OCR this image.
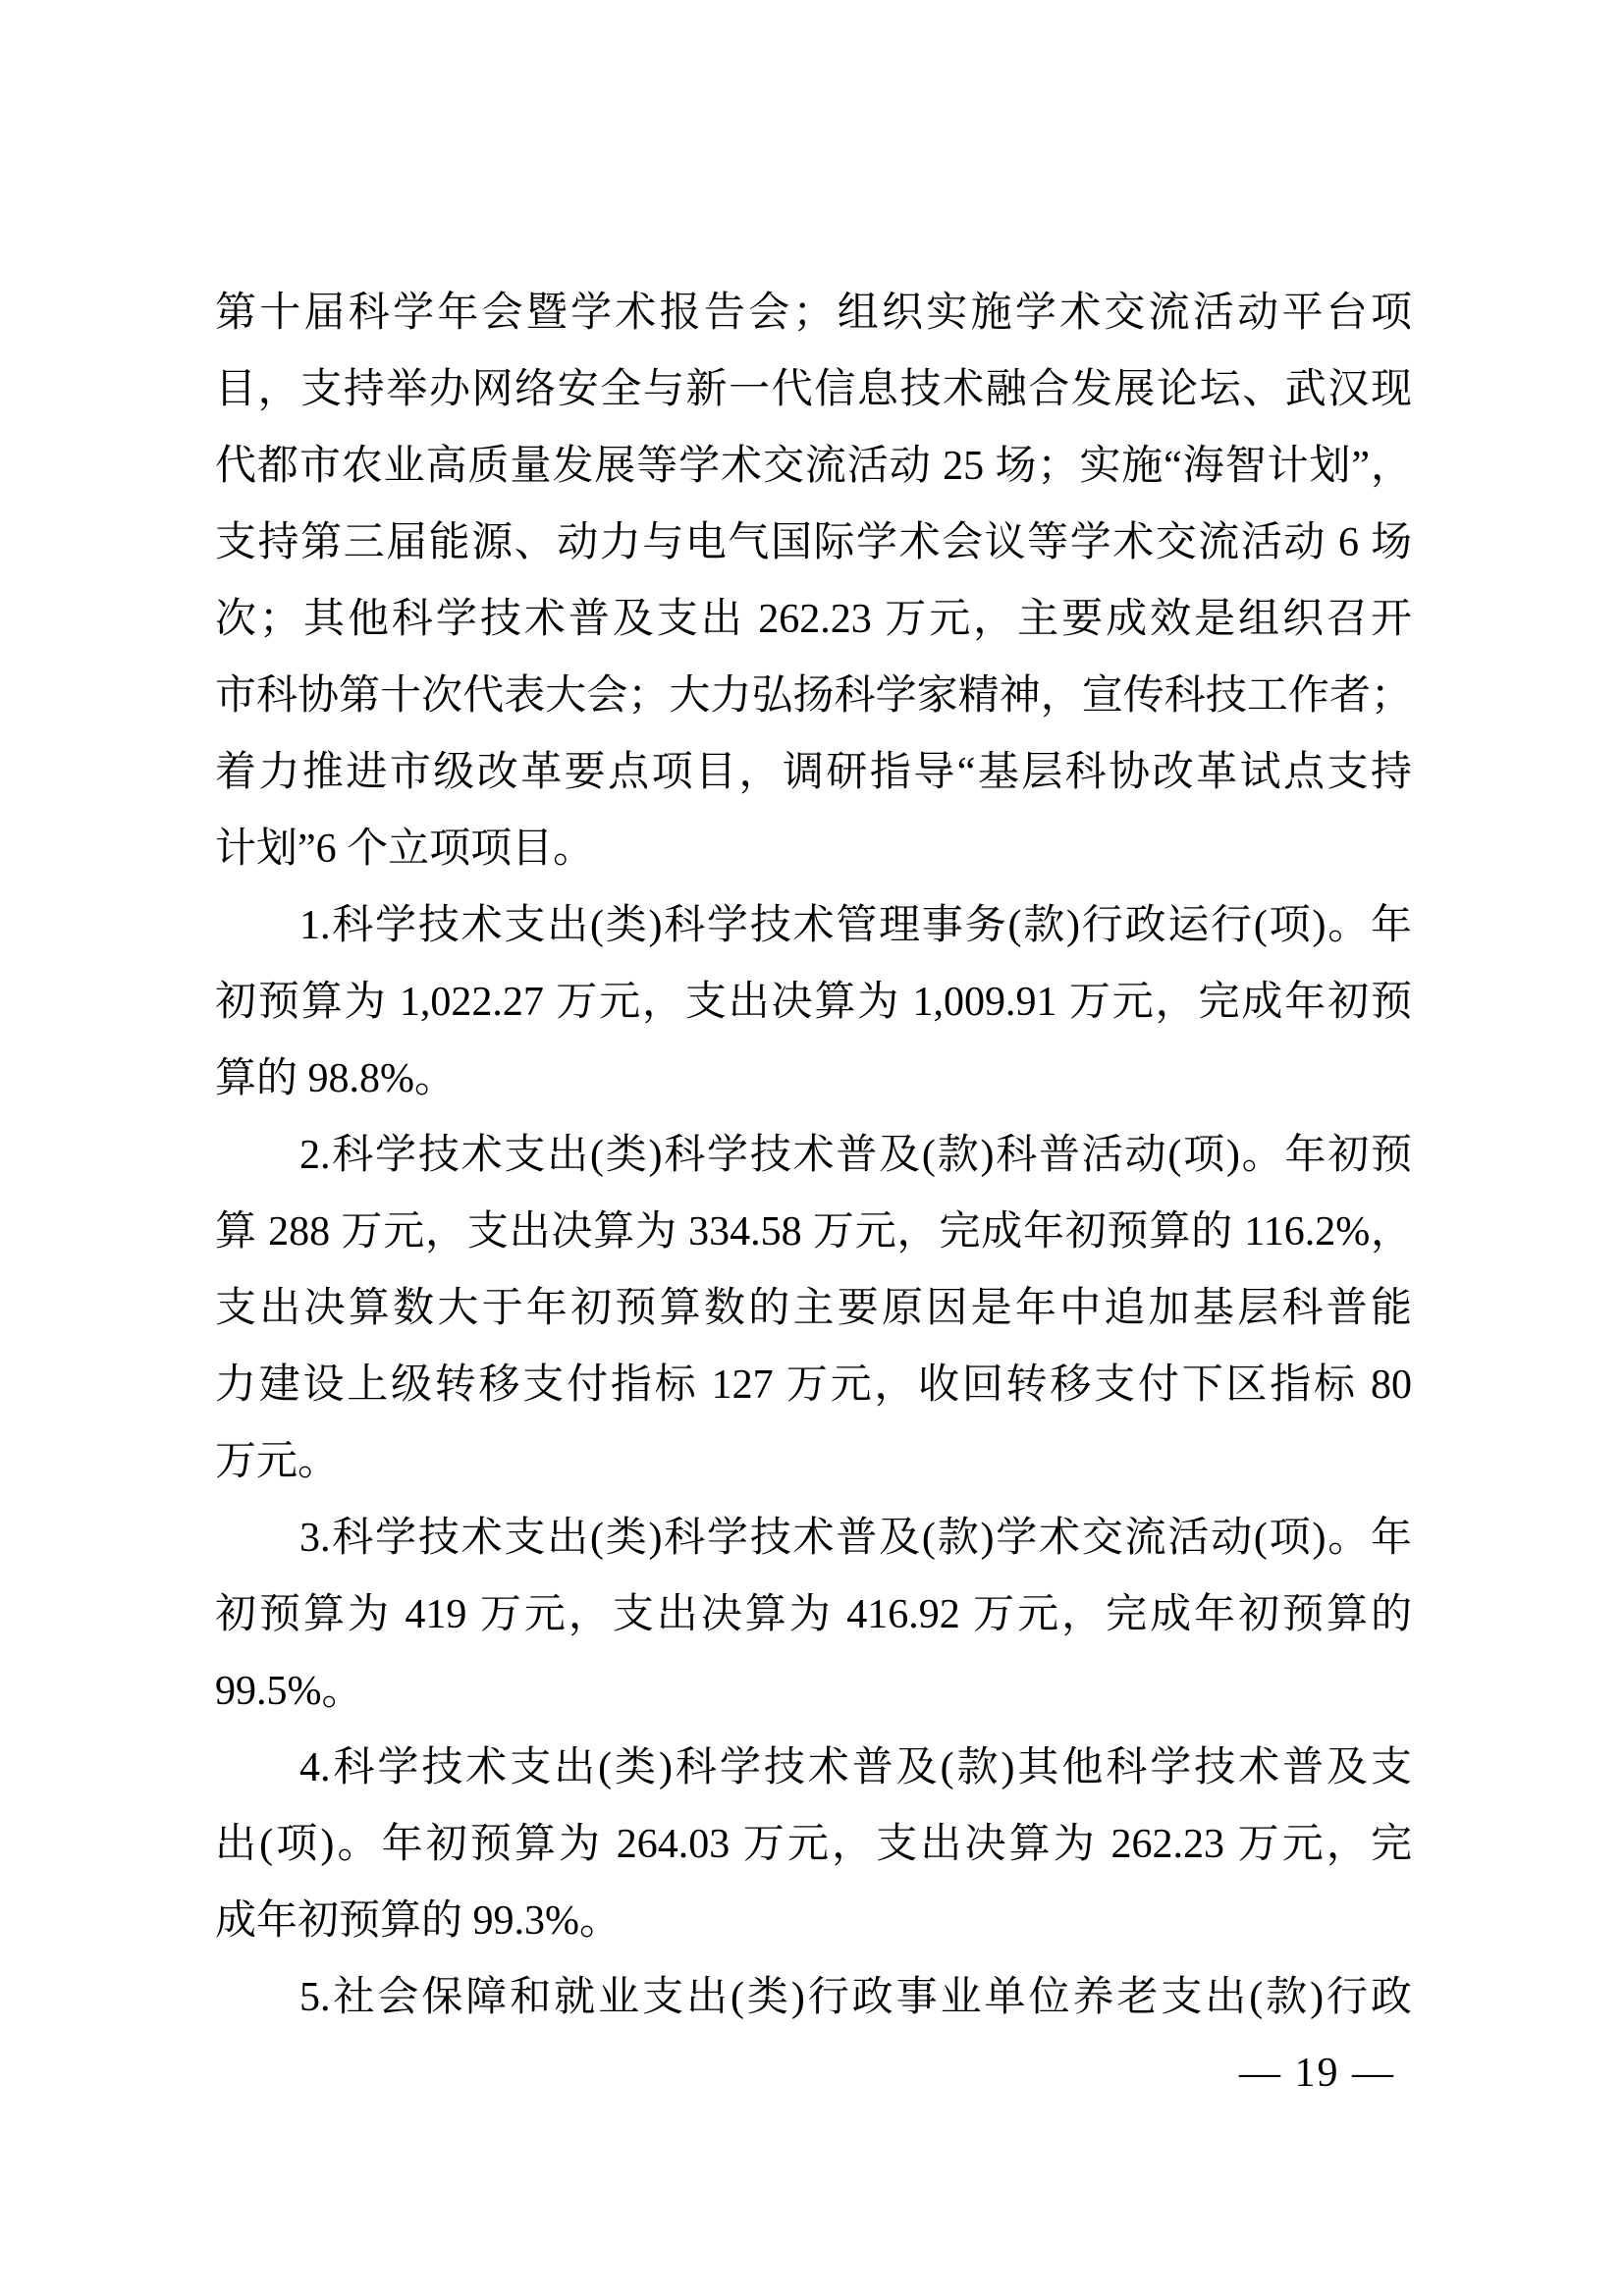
第十届科学年会暨学术报告会；组织实施学术交流活动平台项
目，支持举办网络安全与新一代信息技术融合发展论坛、武汉现
代都市农业高质量发展等学术交流活动 25 场；实施“海智计划”，
支持第三届能源、动力与电气国际学术会议等学术交流活动 6 场
次；其他科学技术普及支出 262.23 万元，主要成效是组织召开
市科协第十次代表大会；大力弘扬科学家精神，宣传科技工作者；
着力推进市级改革要点项目，调研指导“基层科协改革试点支持
计划”6 个立项项目。
1.科学技术支出(类)科学技术管理事务(款)行政运行(项)。年
初预算为 1,022.27 万元，支出决算为 1,009.91 万元，完成年初预
算的 98.8%。
2.科学技术支出(类)科学技术普及(款)科普活动(项)。年初预
算 288 万元，支出决算为 334.58 万元，完成年初预算的 116.2%，
支出决算数大于年初预算数的主要原因是年中追加基层科普能
力建设上级转移支付指标 127 万元，收回转移支付下区指标 80
万元。
3.科学技术支出(类)科学技术普及(款)学术交流活动(项)。年
初预算为 419 万元，支出决算为 416.92 万元，完成年初预算的
99.5%。
4.科学技术支出(类)科学技术普及(款)其他科学技术普及支
出(项)。年初预算为 264.03 万元，支出决算为 262.23 万元，完
成年初预算的 99.3%。
5.社会保障和就业支出(类)行政事业单位养老支出(款)行政
— 19 —
